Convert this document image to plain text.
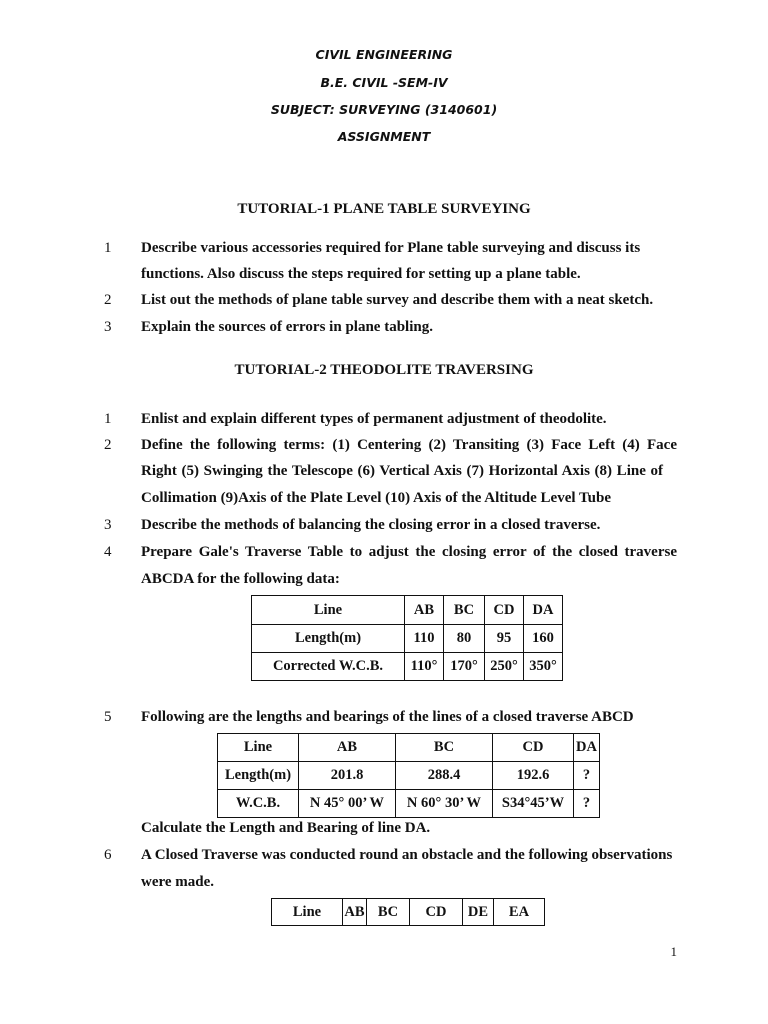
CIVIL ENGINEERING
B.E. CIVIL -SEM-IV
SUBJECT: SURVEYING (3140601)
ASSIGNMENT
TUTORIAL-1 PLANE TABLE SURVEYING
1 Describe various accessories required for Plane table surveying and discuss its
functions. Also discuss the steps required for setting up a plane table.
2 List out the methods of plane table survey and describe them with a neat sketch.
3 Explain the sources of errors in plane tabling.
TUTORIAL-2 THEODOLITE TRAVERSING
1 Enlist and explain different types of permanent adjustment of theodolite.
2 Define the following terms: (1) Centering (2) Transiting (3) Face Left (4) Face
Right (5) Swinging the Telescope (6) Vertical Axis (7) Horizontal Axis (8) Line of
Collimation (9)Axis of the Plate Level (10) Axis of the Altitude Level Tube
3 Describe the methods of balancing the closing error in a closed traverse.
4 Prepare Gale's Traverse Table to adjust the closing error of the closed traverse
ABCDA for the following data:
Line	AB	BC	CD	DA
Length(m)	110	80	95	160
Corrected W.C.B.	110°	170°	250°	350°
5 Following are the lengths and bearings of the lines of a closed traverse ABCD
Line	AB	BC	CD	DA
Length(m)	201.8	288.4	192.6	?
W.C.B.	N 45° 00’ W	N 60° 30’ W	S34°45’W	?
Calculate the Length and Bearing of line DA.
6 A Closed Traverse was conducted round an obstacle and the following observations
were made.
Line	AB	BC	CD	DE	EA
1
